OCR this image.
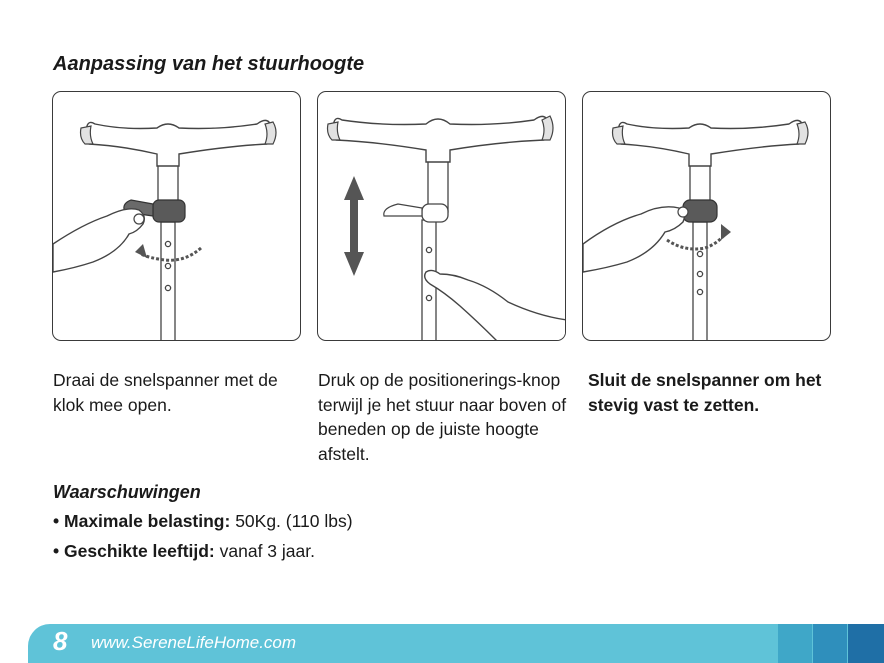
Aanpassing van het stuurhoogte

Draai de snelspanner met de klok mee open.

Druk op de positionerings-knop terwijl je het stuur naar boven of beneden op de juiste hoogte afstelt.

Sluit de snelspanner om het stevig vast te zetten.

Waarschuwingen
• Maximale belasting: 50Kg. (110 lbs)
• Geschikte leeftijd: vanaf 3 jaar.
8 www.SereneLifeHome.com
